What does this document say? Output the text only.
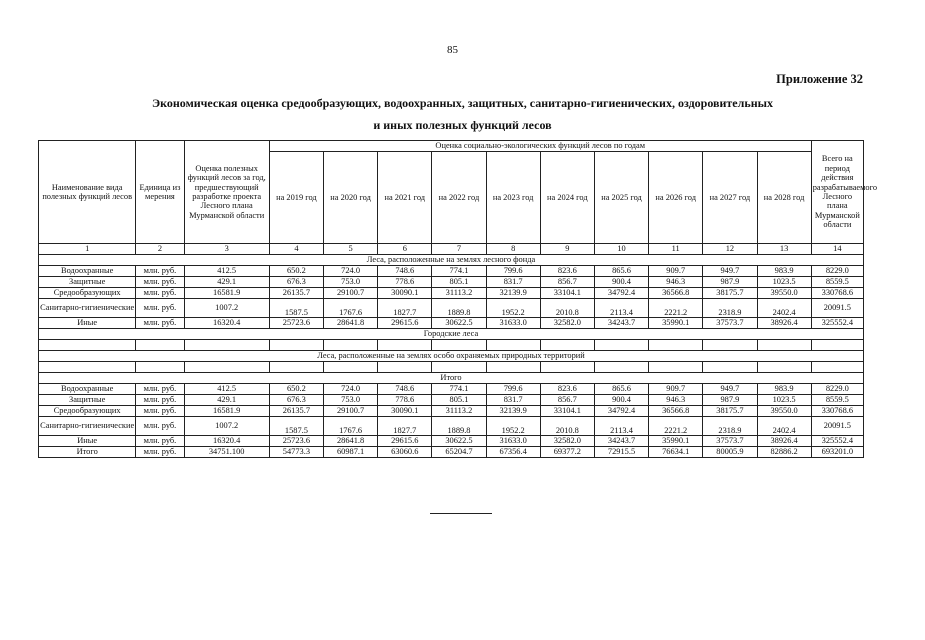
85
Приложение 32
Экономическая оценка средообразующих, водоохранных, защитных, санитарно-гигиенических, оздоровительных
и иных полезных функций лесов
Наименование вида полезных функций лесов	Единица измерения	Оценка полезных функций лесов за год, предшествующий разработке проекта Лесного плана Мурманской области	Оценка социально-экологических функций лесов по годам										Всего на период действия разрабатываемого Лесного плана Мурманской области
			на 2019 год	на 2020 год	на 2021 год	на 2022 год	на 2023 год	на 2024 год	на 2025 год	на 2026 год	на 2027 год	на 2028 год	
1	2	3	4	5	6	7	8	9	10	11	12	13	14
Леса, расположенные на землях лесного фонда													
Водоохранные	млн. руб.	412.5	650.2	724.0	748.6	774.1	799.6	823.6	865.6	909.7	949.7	983.9	8229.0
Защитные	млн. руб.	429.1	676.3	753.0	778.6	805.1	831.7	856.7	900.4	946.3	987.9	1023.5	8559.5
Средообразующих	млн. руб.	16581.9	26135.7	29100.7	30090.1	31113.2	32139.9	33104.1	34792.4	36566.8	38175.7	39550.0	330768.6
Санитарно-гигиенические	млн. руб.	1007.2	1587.5	1767.6	1827.7	1889.8	1952.2	2010.8	2113.4	2221.2	2318.9	2402.4	20091.5
Иные	млн. руб.	16320.4	25723.6	28641.8	29615.6	30622.5	31633.0	32582.0	34243.7	35990.1	37573.7	38926.4	325552.4
Городские леса													

Леса, расположенные на землях особо охраняемых природных территорий													

Итого													
Водоохранные	млн. руб.	412.5	650.2	724.0	748.6	774.1	799.6	823.6	865.6	909.7	949.7	983.9	8229.0
Защитные	млн. руб.	429.1	676.3	753.0	778.6	805.1	831.7	856.7	900.4	946.3	987.9	1023.5	8559.5
Средообразующих	млн. руб.	16581.9	26135.7	29100.7	30090.1	31113.2	32139.9	33104.1	34792.4	36566.8	38175.7	39550.0	330768.6
Санитарно-гигиенические	млн. руб.	1007.2	1587.5	1767.6	1827.7	1889.8	1952.2	2010.8	2113.4	2221.2	2318.9	2402.4	20091.5
Иные	млн. руб.	16320.4	25723.6	28641.8	29615.6	30622.5	31633.0	32582.0	34243.7	35990.1	37573.7	38926.4	325552.4
Итого	млн. руб.	34751.100	54773.3	60987.1	63060.6	65204.7	67356.4	69377.2	72915.5	76634.1	80005.9	82886.2	693201.0
